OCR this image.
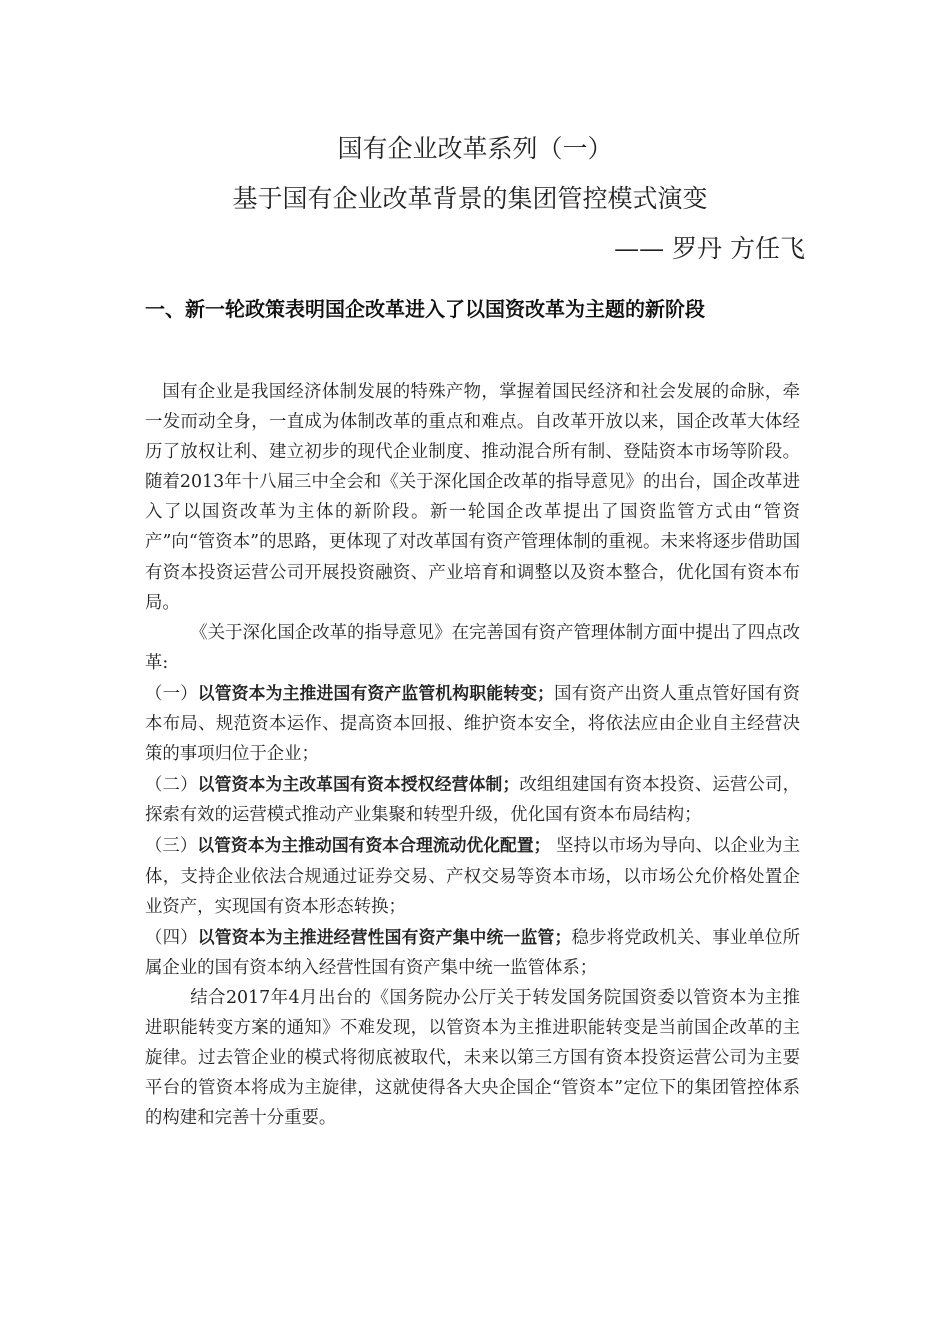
国有企业改革系列（一）
基于国有企业改革背景的集团管控模式演变
—— 罗丹 方任飞
一、新一轮政策表明国企改革进入了以国资改革为主题的新阶段

国有企业是我国经济体制发展的特殊产物，掌握着国民经济和社会发展的命脉，牵一发而动全身，一直成为体制改革的重点和难点。自改革开放以来，国企改革大体经历了放权让利、建立初步的现代企业制度、推动混合所有制、登陆资本市场等阶段。随着2013年十八届三中全会和《关于深化国企改革的指导意见》的出台，国企改革进入了以国资改革为主体的新阶段。新一轮国企改革提出了国资监管方式由“管资产”向“管资本”的思路，更体现了对改革国有资产管理体制的重视。未来将逐步借助国有资本投资运营公司开展投资融资、产业培育和调整以及资本整合，优化国有资本布局。

《关于深化国企改革的指导意见》在完善国有资产管理体制方面中提出了四点改革:

（一）以管资本为主推进国有资产监管机构职能转变；国有资产出资人重点管好国有资本布局、规范资本运作、提高资本回报、维护资本安全，将依法应由企业自主经营决策的事项归位于企业；

（二）以管资本为主改革国有资本授权经营体制；改组组建国有资本投资、运营公司，探索有效的运营模式推动产业集聚和转型升级，优化国有资本布局结构；

（三）以管资本为主推动国有资本合理流动优化配置； 坚持以市场为导向、以企业为主体，支持企业依法合规通过证券交易、产权交易等资本市场，以市场公允价格处置企业资产，实现国有资本形态转换；

（四）以管资本为主推进经营性国有资产集中统一监管；稳步将党政机关、事业单位所属企业的国有资本纳入经营性国有资产集中统一监管体系；

结合2017年4月出台的《国务院办公厅关于转发国务院国资委以管资本为主推进职能转变方案的通知》不难发现，以管资本为主推进职能转变是当前国企改革的主旋律。过去管企业的模式将彻底被取代，未来以第三方国有资本投资运营公司为主要平台的管资本将成为主旋律，这就使得各大央企国企“管资本”定位下的集团管控体系的构建和完善十分重要。
